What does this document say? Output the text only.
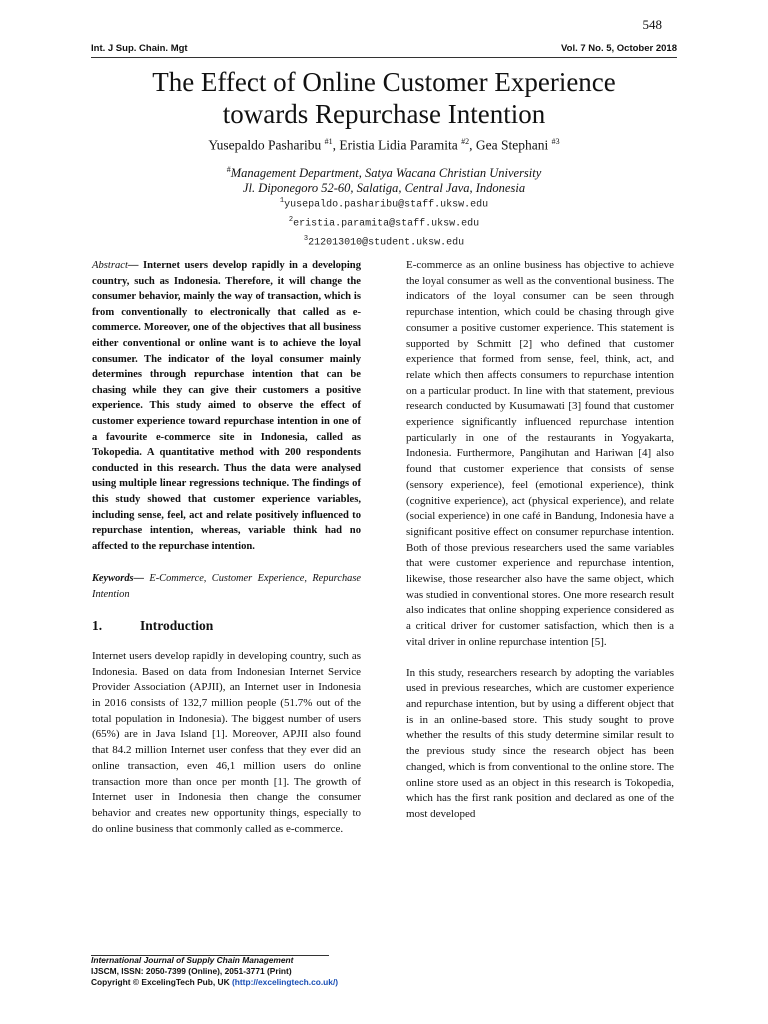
548
Int. J Sup. Chain. Mgt	Vol. 7 No. 5, October 2018
The Effect of Online Customer Experience
towards Repurchase Intention
Yusepaldo Pasharibu $^{\#1}$, Eristia Lidia Paramita $^{\#2}$, Gea Stephani $^{\#3}$
#Management Department, Satya Wacana Christian University
Jl. Diponegoro 52-60, Salatiga, Central Java, Indonesia
$^1$yusepaldo.pasharibu@staff.uksw.edu
$^2$eristia.paramita@staff.uksw.edu
$^3$212013010@student.uksw.edu
Abstract— Internet users develop rapidly in a developing country, such as Indonesia. Therefore, it will change the consumer behavior, mainly the way of transaction, which is from conventionally to electronically that called as e-commerce. Moreover, one of the objectives that all business either conventional or online want is to achieve the loyal consumer. The indicator of the loyal consumer mainly determines through repurchase intention that can be chasing while they can give their customers a positive experience. This study aimed to observe the effect of customer experience toward repurchase intention in one of a favourite e-commerce site in Indonesia, called as Tokopedia. A quantitative method with 200 respondents conducted in this research. Thus the data were analysed using multiple linear regressions technique. The findings of this study showed that customer experience variables, including sense, feel, act and relate positively influenced to repurchase intention, whereas, variable think had no affected to the repurchase intention.
Keywords— E-Commerce, Customer Experience, Repurchase Intention
1.	Introduction

Internet users develop rapidly in developing country, such as Indonesia. Based on data from Indonesian Internet Service Provider Association (APJII), an Internet user in Indonesia in 2016 consists of 132,7 million people (51.7% out of the total population in Indonesia). The biggest number of users (65%) are in Java Island [1]. Moreover, APJII also found that 84.2 million Internet user confess that they ever did an online transaction, even 46,1 million users do online transaction more than once per month [1]. The growth of Internet user in Indonesia then change the consumer behavior and creates new opportunity things, especially to do online business that commonly called as e-commerce.

E-commerce as an online business has objective to achieve the loyal consumer as well as the conventional business. The indicators of the loyal consumer can be seen through repurchase intention, which could be chasing through give consumer a positive customer experience. This statement is supported by Schmitt [2] who defined that customer experience that formed from sense, feel, think, act, and relate which then affects consumers to repurchase intention on a particular product. In line with that statement, previous research conducted by Kusumawati [3] found that customer experience significantly influenced repurchase intention particularly in one of the restaurants in Yogyakarta, Indonesia. Furthermore, Pangihutan and Hariwan [4] also found that customer experience that consists of sense (sensory experience), feel (emotional experience), think (cognitive experience), act (physical experience), and relate (social experience) in one café in Bandung, Indonesia have a significant positive effect on consumer repurchase intention. Both of those previous researchers used the same variables that were customer experience and repurchase intention, likewise, those researcher also have the same object, which was studied in conventional stores. One more research result also indicates that online shopping experience considered as a critical driver for customer satisfaction, which then is a vital driver in online repurchase intention [5].

In this study, researchers research by adopting the variables used in previous researches, which are customer experience and repurchase intention, but by using a different object that is in an online-based store. This study sought to prove whether the results of this study determine similar result to the previous study since the research object has been changed, which is from conventional to the online store. The online store used as an object in this research is Tokopedia, which has the first rank position and declared as one of the most developed

International Journal of Supply Chain Management
IJSCM, ISSN: 2050-7399 (Online), 2051-3771 (Print)
Copyright © ExcelingTech Pub, UK (http://excelingtech.co.uk/)
